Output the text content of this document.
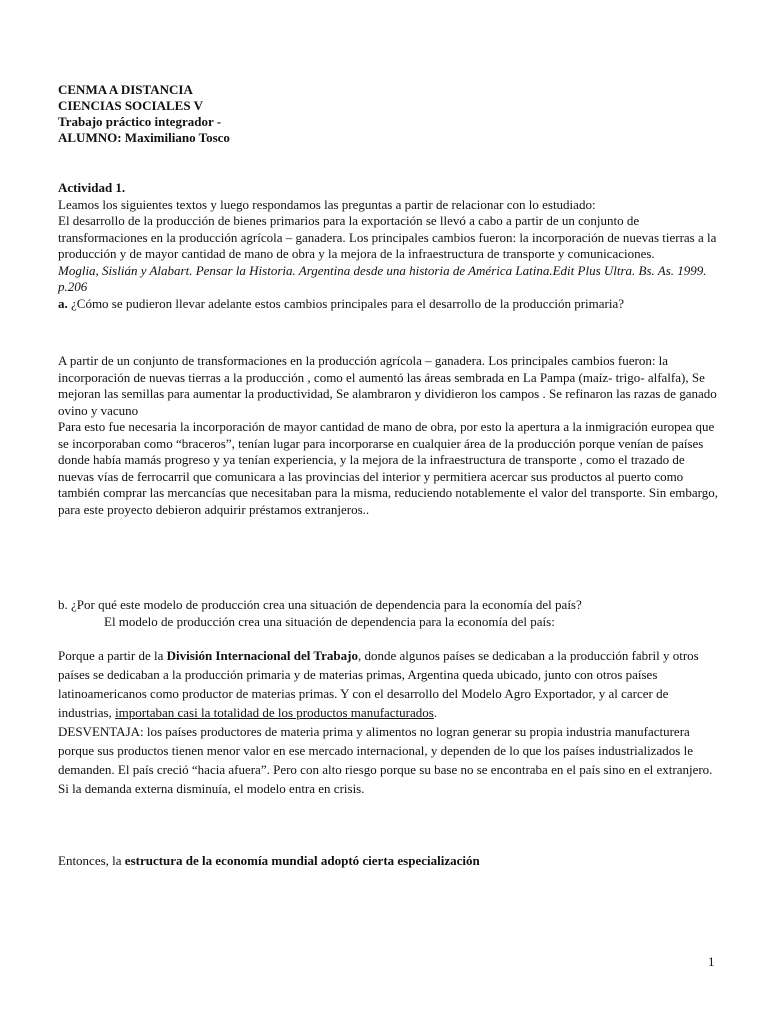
CENMA A DISTANCIA
CIENCIAS SOCIALES V
Trabajo práctico integrador -
ALUMNO: Maximiliano Tosco

Actividad 1.

Leamos los siguientes textos y luego respondamos las preguntas a partir de relacionar con lo estudiado:

El desarrollo de la producción de bienes primarios para la exportación se llevó a cabo a partir de un conjunto de transformaciones en la producción agrícola – ganadera. Los principales cambios fueron: la incorporación de nuevas tierras a la producción y de mayor cantidad de mano de obra y la mejora de la infraestructura de transporte y comunicaciones.

Moglia, Sislián y Alabart. Pensar la Historia. Argentina desde una historia de América Latina.Edit Plus Ultra. Bs. As. 1999. p.206

a. ¿Cómo se pudieron llevar adelante estos cambios principales para el desarrollo de la producción primaria?

A partir de un conjunto de transformaciones en la producción agrícola – ganadera. Los principales cambios fueron: la incorporación de nuevas tierras a la producción , como el aumentó las áreas sembrada en La Pampa (maíz- trigo- alfalfa), Se mejoran las semillas para aumentar la productividad, Se alambraron y dividieron los campos . Se refinaron las razas de ganado ovino y vacuno

Para esto fue necesaria la incorporación de mayor cantidad de mano de obra, por esto la apertura a la inmigración europea que se incorporaban como “braceros”, tenían lugar para incorporarse en cualquier área de la producción porque venían de países donde había mamás progreso y ya tenían experiencia, y la mejora de la infraestructura de transporte , como el trazado de nuevas vías de ferrocarril que comunicara a las provincias del interior y permitiera acercar sus productos al puerto como también comprar las mercancías que necesitaban para la misma, reduciendo notablemente el valor del transporte. Sin embargo, para este proyecto debieron adquirir préstamos extranjeros..

b. ¿Por qué este modelo de producción crea una situación de dependencia para la economía del país?

El modelo de producción crea una situación de dependencia para la economía del país:

Porque a partir de la División Internacional del Trabajo, donde algunos países se dedicaban a la producción fabril y otros países se dedicaban a la producción primaria y de materias primas, Argentina queda ubicado, junto con otros países latinoamericanos como productor de materias primas. Y con el desarrollo del Modelo Agro Exportador, y al carcer de industrias, importaban casi la totalidad de los productos manufacturados.

DESVENTAJA: los países productores de materia prima y alimentos no logran generar su propia industria manufacturera porque sus productos tienen menor valor en ese mercado internacional, y dependen de lo que los países industrializados le demanden. El país creció “hacia afuera”. Pero con alto riesgo porque su base no se encontraba en el país sino en el extranjero. Si la demanda externa disminuía, el modelo entra en crisis.

Entonces, la estructura de la economía mundial adoptó cierta especialización

1
